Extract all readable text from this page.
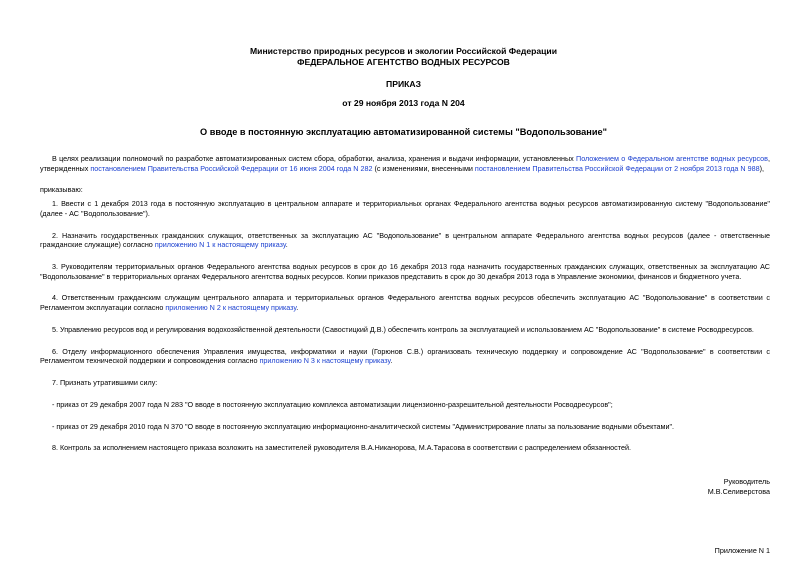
Министерство природных ресурсов и экологии Российской Федерации
ФЕДЕРАЛЬНОЕ АГЕНТСТВО ВОДНЫХ РЕСУРСОВ
ПРИКАЗ
от 29 ноября 2013 года N 204
О вводе в постоянную эксплуатацию автоматизированной системы "Водопользование"

В целях реализации полномочий по разработке автоматизированных систем сбора, обработки, анализа, хранения и выдачи информации, установленных Положением о Федеральном агентстве водных ресурсов, утвержденных постановлением Правительства Российской Федерации от 16 июня 2004 года N 282 (с изменениями, внесенными постановлением Правительства Российской Федерации от 2 ноября 2013 года N 988),

приказываю:

1. Ввести с 1 декабря 2013 года в постоянную эксплуатацию в центральном аппарате и территориальных органах Федерального агентства водных ресурсов автоматизированную систему "Водопользование" (далее - АС "Водопользование").

2. Назначить государственных гражданских служащих, ответственных за эксплуатацию АС "Водопользование" в центральном аппарате Федерального агентства водных ресурсов (далее - ответственные гражданские служащие) согласно приложению N 1 к настоящему приказу.

3. Руководителям территориальных органов Федерального агентства водных ресурсов в срок до 16 декабря 2013 года назначить государственных гражданских служащих, ответственных за эксплуатацию АС "Водопользование" в территориальных органах Федерального агентства водных ресурсов. Копии приказов представить в срок до 30 декабря 2013 года в Управление экономики, финансов и бюджетного учета.

4. Ответственным гражданским служащим центрального аппарата и территориальных органов Федерального агентства водных ресурсов обеспечить эксплуатацию АС "Водопользование" в соответствии с Регламентом эксплуатации согласно приложению N 2 к настоящему приказу.

5. Управлению ресурсов вод и регулирования водохозяйственной деятельности (Савостицкий Д.В.) обеспечить контроль за эксплуатацией и использованием АС "Водопользование" в системе Росводресурсов.

6. Отделу информационного обеспечения Управления имущества, информатики и науки (Горюнов С.В.) организовать техническую поддержку и сопровождение АС "Водопользование" в соответствии с Регламентом технической поддержки и сопровождения согласно приложению N 3 к настоящему приказу.

7. Признать утратившими силу:

- приказ от 29 декабря 2007 года N 283 "О вводе в постоянную эксплуатацию комплекса автоматизации лицензионно-разрешительной деятельности Росводресурсов";

- приказ от 29 декабря 2010 года N 370 "О вводе в постоянную эксплуатацию информационно-аналитической системы "Администрирование платы за пользование водными объектами".

8. Контроль за исполнением настоящего приказа возложить на заместителей руководителя В.А.Никанорова, М.А.Тарасова в соответствии с распределением обязанностей.

Руководитель
М.В.Селиверстова
Приложение N 1
